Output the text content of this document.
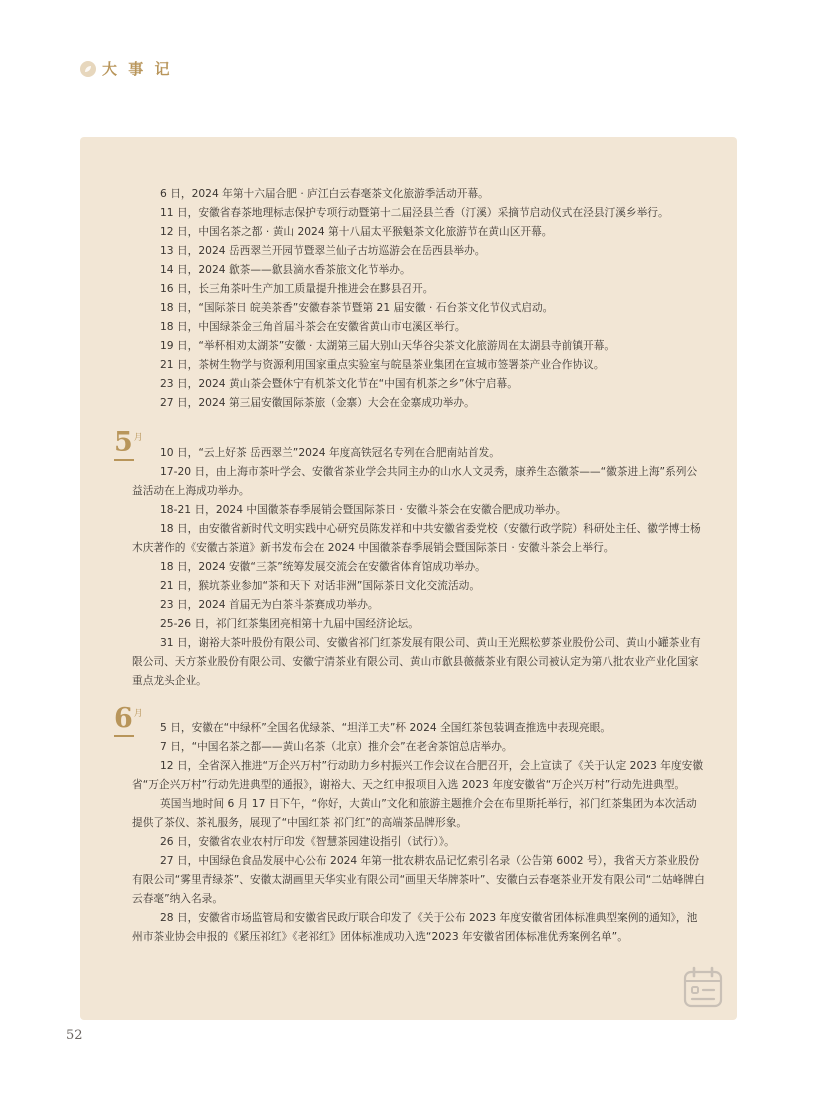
大 事 记

6 日，2024 年第十六届合肥 · 庐江白云春毫茶文化旅游季活动开幕。

11 日，安徽省春茶地理标志保护专项行动暨第十二届泾县兰香（汀溪）采摘节启动仪式在泾县汀溪乡举行。

12 日，中国名茶之都 · 黄山 2024 第十八届太平猴魁茶文化旅游节在黄山区开幕。

13 日，2024 岳西翠兰开园节暨翠兰仙子古坊巡游会在岳西县举办。

14 日，2024 歙茶——歙县滴水香茶旅文化节举办。

16 日，长三角茶叶生产加工质量提升推进会在黟县召开。

18 日，“国际茶日 皖美茶香”安徽春茶节暨第 21 届安徽 · 石台茶文化节仪式启动。

18 日，中国绿茶金三角首届斗茶会在安徽省黄山市屯溪区举行。

19 日，“举杯相劝太湖茶”安徽 · 太湖第三届大别山天华谷尖茶文化旅游周在太湖县寺前镇开幕。

21 日，茶树生物学与资源利用国家重点实验室与皖垦茶业集团在宣城市签署茶产业合作协议。

23 日，2024 黄山茶会暨休宁有机茶文化节在“中国有机茶之乡”休宁启幕。

27 日，2024 第三届安徽国际茶旅（金寨）大会在金寨成功举办。

5 月

10 日，“云上好茶 岳西翠兰”2024 年度高铁冠名专列在合肥南站首发。

17-20 日，由上海市茶叶学会、安徽省茶业学会共同主办的山水人文灵秀，康养生态徽茶——“徽茶进上海”系列公益活动在上海成功举办。

18-21 日，2024 中国徽茶春季展销会暨国际茶日 · 安徽斗茶会在安徽合肥成功举办。

18 日，由安徽省新时代文明实践中心研究员陈发祥和中共安徽省委党校（安徽行政学院）科研处主任、徽学博士杨木庆著作的《安徽古茶道》新书发布会在 2024 中国徽茶春季展销会暨国际茶日 · 安徽斗茶会上举行。

18 日，2024 安徽“三茶”统筹发展交流会在安徽省体育馆成功举办。

21 日，猴坑茶业参加“茶和天下 对话非洲”国际茶日文化交流活动。

23 日，2024 首届无为白茶斗茶赛成功举办。

25-26 日，祁门红茶集团亮相第十九届中国经济论坛。

31 日，谢裕大茶叶股份有限公司、安徽省祁门红茶发展有限公司、黄山王光熙松萝茶业股份公司、黄山小罐茶业有限公司、天方茶业股份有限公司、安徽宁清茶业有限公司、黄山市歙县薇薇茶业有限公司被认定为第八批农业产业化国家重点龙头企业。

6 月

5 日，安徽在“中绿杯”全国名优绿茶、“坦洋工夫”杯 2024 全国红茶包装调查推选中表现亮眼。

7 日，“中国名茶之都——黄山名茶（北京）推介会”在老舍茶馆总店举办。

12 日，全省深入推进“万企兴万村”行动助力乡村振兴工作会议在合肥召开，会上宣读了《关于认定 2023 年度安徽省“万企兴万村”行动先进典型的通报》，谢裕大、天之红申报项目入选 2023 年度安徽省“万企兴万村”行动先进典型。

英国当地时间 6 月 17 日下午，“你好，大黄山”文化和旅游主题推介会在布里斯托举行，祁门红茶集团为本次活动提供了茶仪、茶礼服务，展现了“中国红茶 祁门红”的高端茶品牌形象。

26 日，安徽省农业农村厅印发《智慧茶园建设指引（试行）》。

27 日，中国绿色食品发展中心公布 2024 年第一批农耕农品记忆索引名录（公告第 6002 号），我省天方茶业股份有限公司“雾里青绿茶”、安徽太湖画里天华实业有限公司“画里天华牌茶叶”、安徽白云春毫茶业开发有限公司“二姑峰牌白云春毫”纳入名录。

28 日，安徽省市场监管局和安徽省民政厅联合印发了《关于公布 2023 年度安徽省团体标准典型案例的通知》，池州市茶业协会申报的《紧压祁红》《老祁红》团体标准成功入选“2023 年安徽省团体标准优秀案例名单”。

52
